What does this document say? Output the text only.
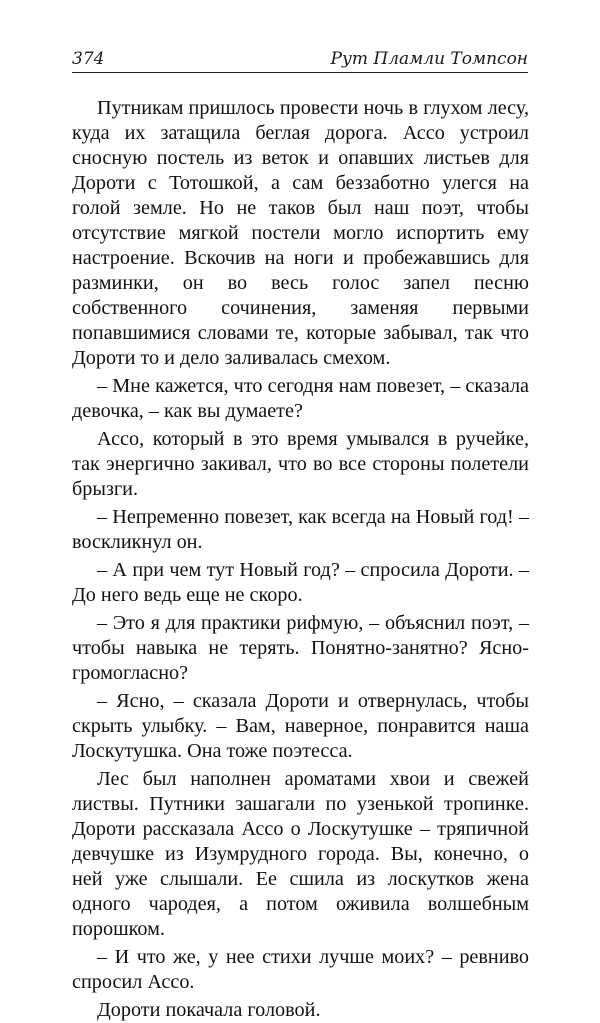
374	Рут Пламли Томпсон

Путникам пришлось провести ночь в глухом лесу, куда их затащила беглая дорога. Ассо устроил сносную постель из веток и опавших листьев для Дороти с Тотошкой, а сам беззаботно улегся на голой земле. Но не таков был наш поэт, чтобы отсутствие мягкой постели могло испортить ему настроение. Вскочив на ноги и пробежавшись для разминки, он во весь голос запел песню собственного сочинения, заменяя первыми попавшимися словами те, которые забывал, так что Дороти то и дело заливалась смехом.

– Мне кажется, что сегодня нам повезет, – сказала девочка, – как вы думаете?

Ассо, который в это время умывался в ручейке, так энергично закивал, что во все стороны полетели брызги.

– Непременно повезет, как всегда на Новый год! – воскликнул он.

– А при чем тут Новый год? – спросила Дороти. – До него ведь еще не скоро.

– Это я для практики рифмую, – объяснил поэт, – чтобы навыка не терять. Понятно-занятно? Ясно-громогласно?

– Ясно, – сказала Дороти и отвернулась, чтобы скрыть улыбку. – Вам, наверное, понравится наша Лоскутушка. Она тоже поэтесса.

Лес был наполнен ароматами хвои и свежей листвы. Путники зашагали по узенькой тропинке. Дороти рассказала Ассо о Лоскутушке – тряпичной девчушке из Изумрудного города. Вы, конечно, о ней уже слышали. Ее сшила из лоскутков жена одного чародея, а потом оживила волшебным порошком.

– И что же, у нее стихи лучше моих? – ревниво спросил Ассо.

Дороти покачала головой.
